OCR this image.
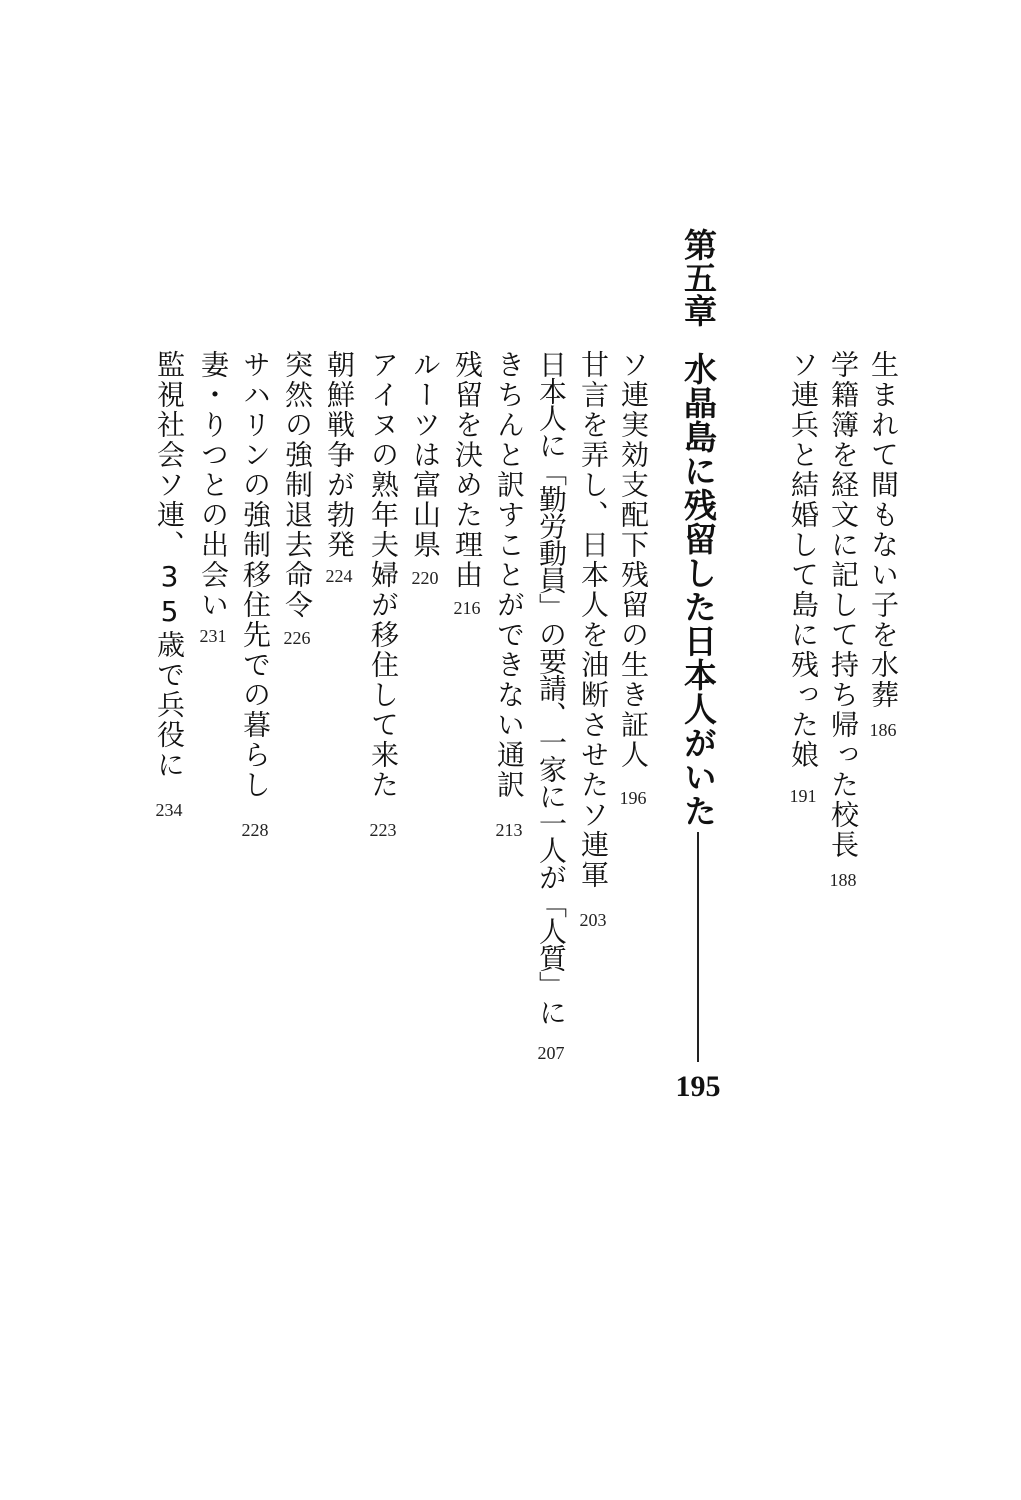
生まれて間もない子を水葬
186
学籍簿を経文に記して持ち帰った校長
188
ソ連兵と結婚して島に残った娘
191
第五章
水晶島に残留した日本人がいた
195
ソ連実効支配下残留の生き証人
196
甘言を弄し、日本人を油断させたソ連軍
203
日本人に「勤労動員」の要請、一家に一人が「人質」に
207
きちんと訳すことができない通訳
213
残留を決めた理由
216
ルーツは富山県
220
アイヌの熟年夫婦が移住して来た
223
朝鮮戦争が勃発
224
突然の強制退去命令
226
サハリンの強制移住先での暮らし
228
妻・りつとの出会い
231
監視社会ソ連、35歳で兵役に
234
